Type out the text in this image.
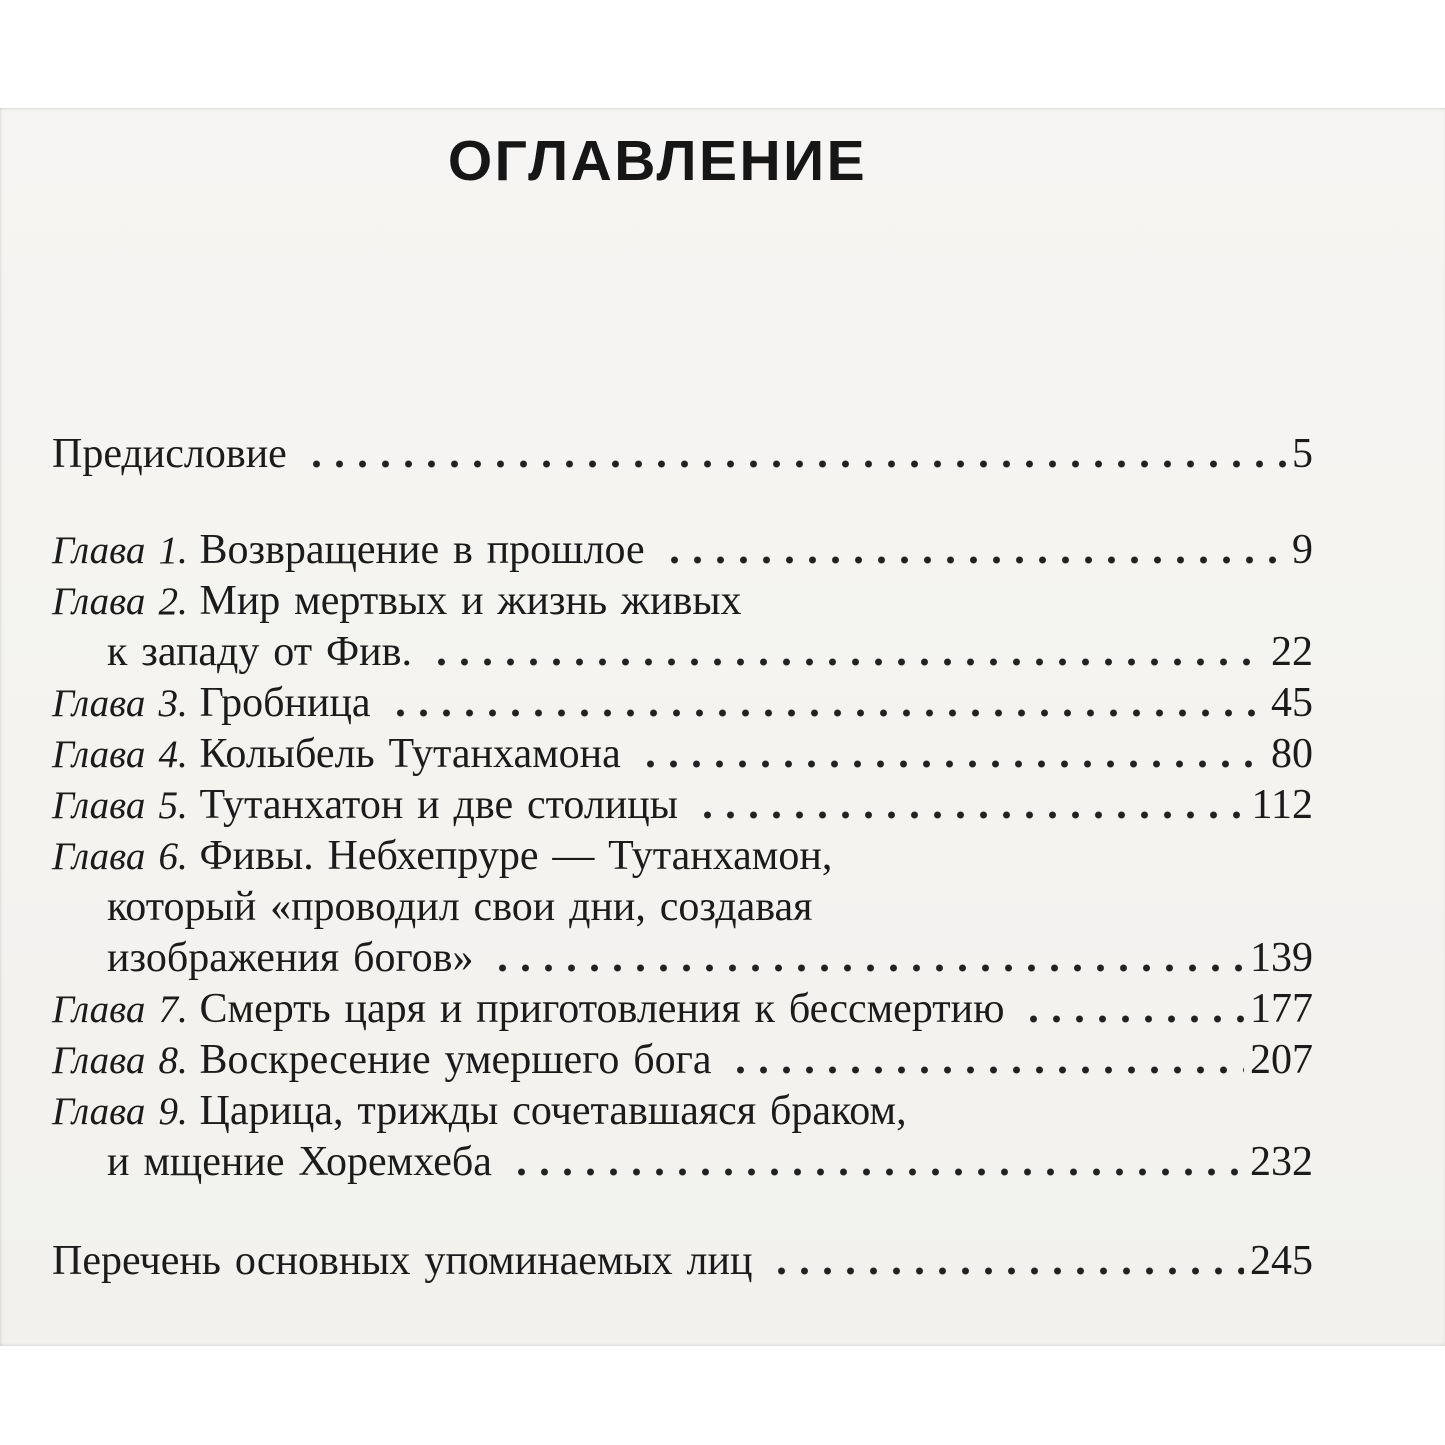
ОГЛАВЛЕНИЕ
Предисловие	5
Глава 1. Возвращение в прошлое	9
Глава 2. Мир мертвых и жизнь живых
к западу от Фив.	22
Глава 3. Гробница	45
Глава 4. Колыбель Тутанхамона	80
Глава 5. Тутанхатон и две столицы	112
Глава 6. Фивы. Небхепруре — Тутанхамон,
который «проводил свои дни, создавая
изображения богов»	139
Глава 7. Смерть царя и приготовления к бессмертию	177
Глава 8. Воскресение умершего бога	207
Глава 9. Царица, трижды сочетавшаяся браком,
и мщение Хоремхеба	232
Перечень основных упоминаемых лиц	245
